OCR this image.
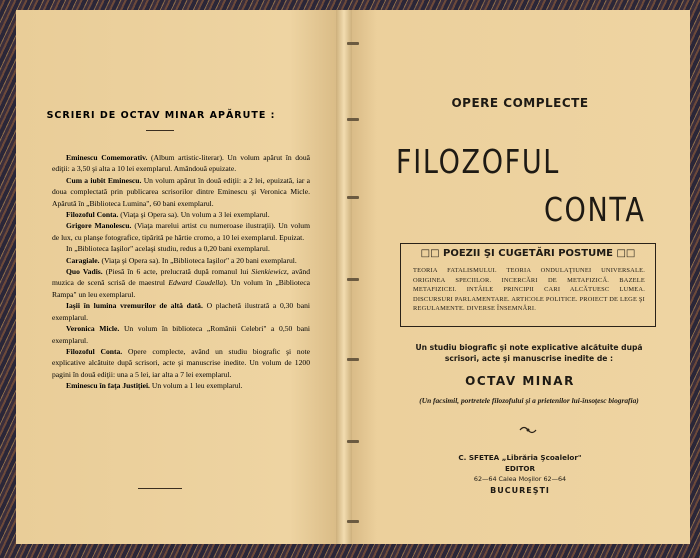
SCRIERI DE OCTAV MINAR APĂRUTE :

Eminescu Comemorativ. (Album artistic-literar). Un volum apărut în două ediţii: a 3,50 şi alta a 10 lei exemplarul. Amândouă epuizate.

Cum a iubit Eminescu. Un volum apărut în două ediţii: a 2 lei, epuizată, iar a doua complectată prin publicarea scrisorilor dintre Eminescu şi Veronica Micle. Apărută în „Biblioteca Lumina", 60 bani exemplarul.

Filozoful Conta. (Viaţa şi Opera sa). Un volum a 3 lei exemplarul.

Grigore Manolescu. (Viaţa marelui artist cu numeroase ilustraţii). Un volum de lux, cu planşe fotografice, tipărită pe hârtie cromo, a 10 lei exemplarul. Epuizat.

In „Biblioteca Iaşilor" acelaşi studiu, redus a 0,20 bani exemplarul.

Caragiale. (Viaţa şi Opera sa). In „Biblioteca Iaşilor" a 20 bani exemplarul.

Quo Vadis. (Piesă în 6 acte, prelucrată după romanul lui Sienkiewicz, având muzica de scenă scrisă de maestrul Edward Caudella). Un volum în „Biblioteca Rampa" un leu exemplarul.

Iaşii în lumina vremurilor de altă dată. O plachetă ilustrată a 0,30 bani exemplarul.

Veronica Micle. Un volum în biblioteca „Românii Celebri" a 0,50 bani exemplarul.

Filozoful Conta. Opere complecte, având un studiu biografic şi note explicative alcătuite după scrisori, acte şi manuscrise inedite. Un volum de 1200 pagini în două ediţii: una a 5 lei, iar alta a 7 lei exemplarul.

Eminescu în faţa Justiţiei. Un volum a 1 leu exemplarul.

OPERE COMPLECTE
FILOZOFUL
CONTA
□□ POEZII ŞI CUGETĂRI POSTUME □□
TEORIA FATALISMULUI. TEORIA ONDULAŢIUNEI UNIVERSALE. ORIGINEA SPECIILOR. INCERCĂRI DE METAFIZICĂ. BAZELE METAFIZICEI. INTÂILE PRINCIPII CARI ALCĂTUESC LUMEA. DISCURSURI PARLAMENTARE. ARTICOLE POLITICE. PROIECT DE LEGE ŞI REGULAMENTE. DIVERSE ÎNSEMNĂRI.
Un studiu biografic şi note explicative alcătuite după
scrisori, acte şi manuscrise inedite de :
OCTAV MINAR
(Un facsimil, portretele filozofului şi a prietenilor lui-însoţesc biografia)
C. SFETEA „Librăria Şcoalelor"
EDITOR
62—64 Calea Moşilor 62—64
BUCUREŞTI
